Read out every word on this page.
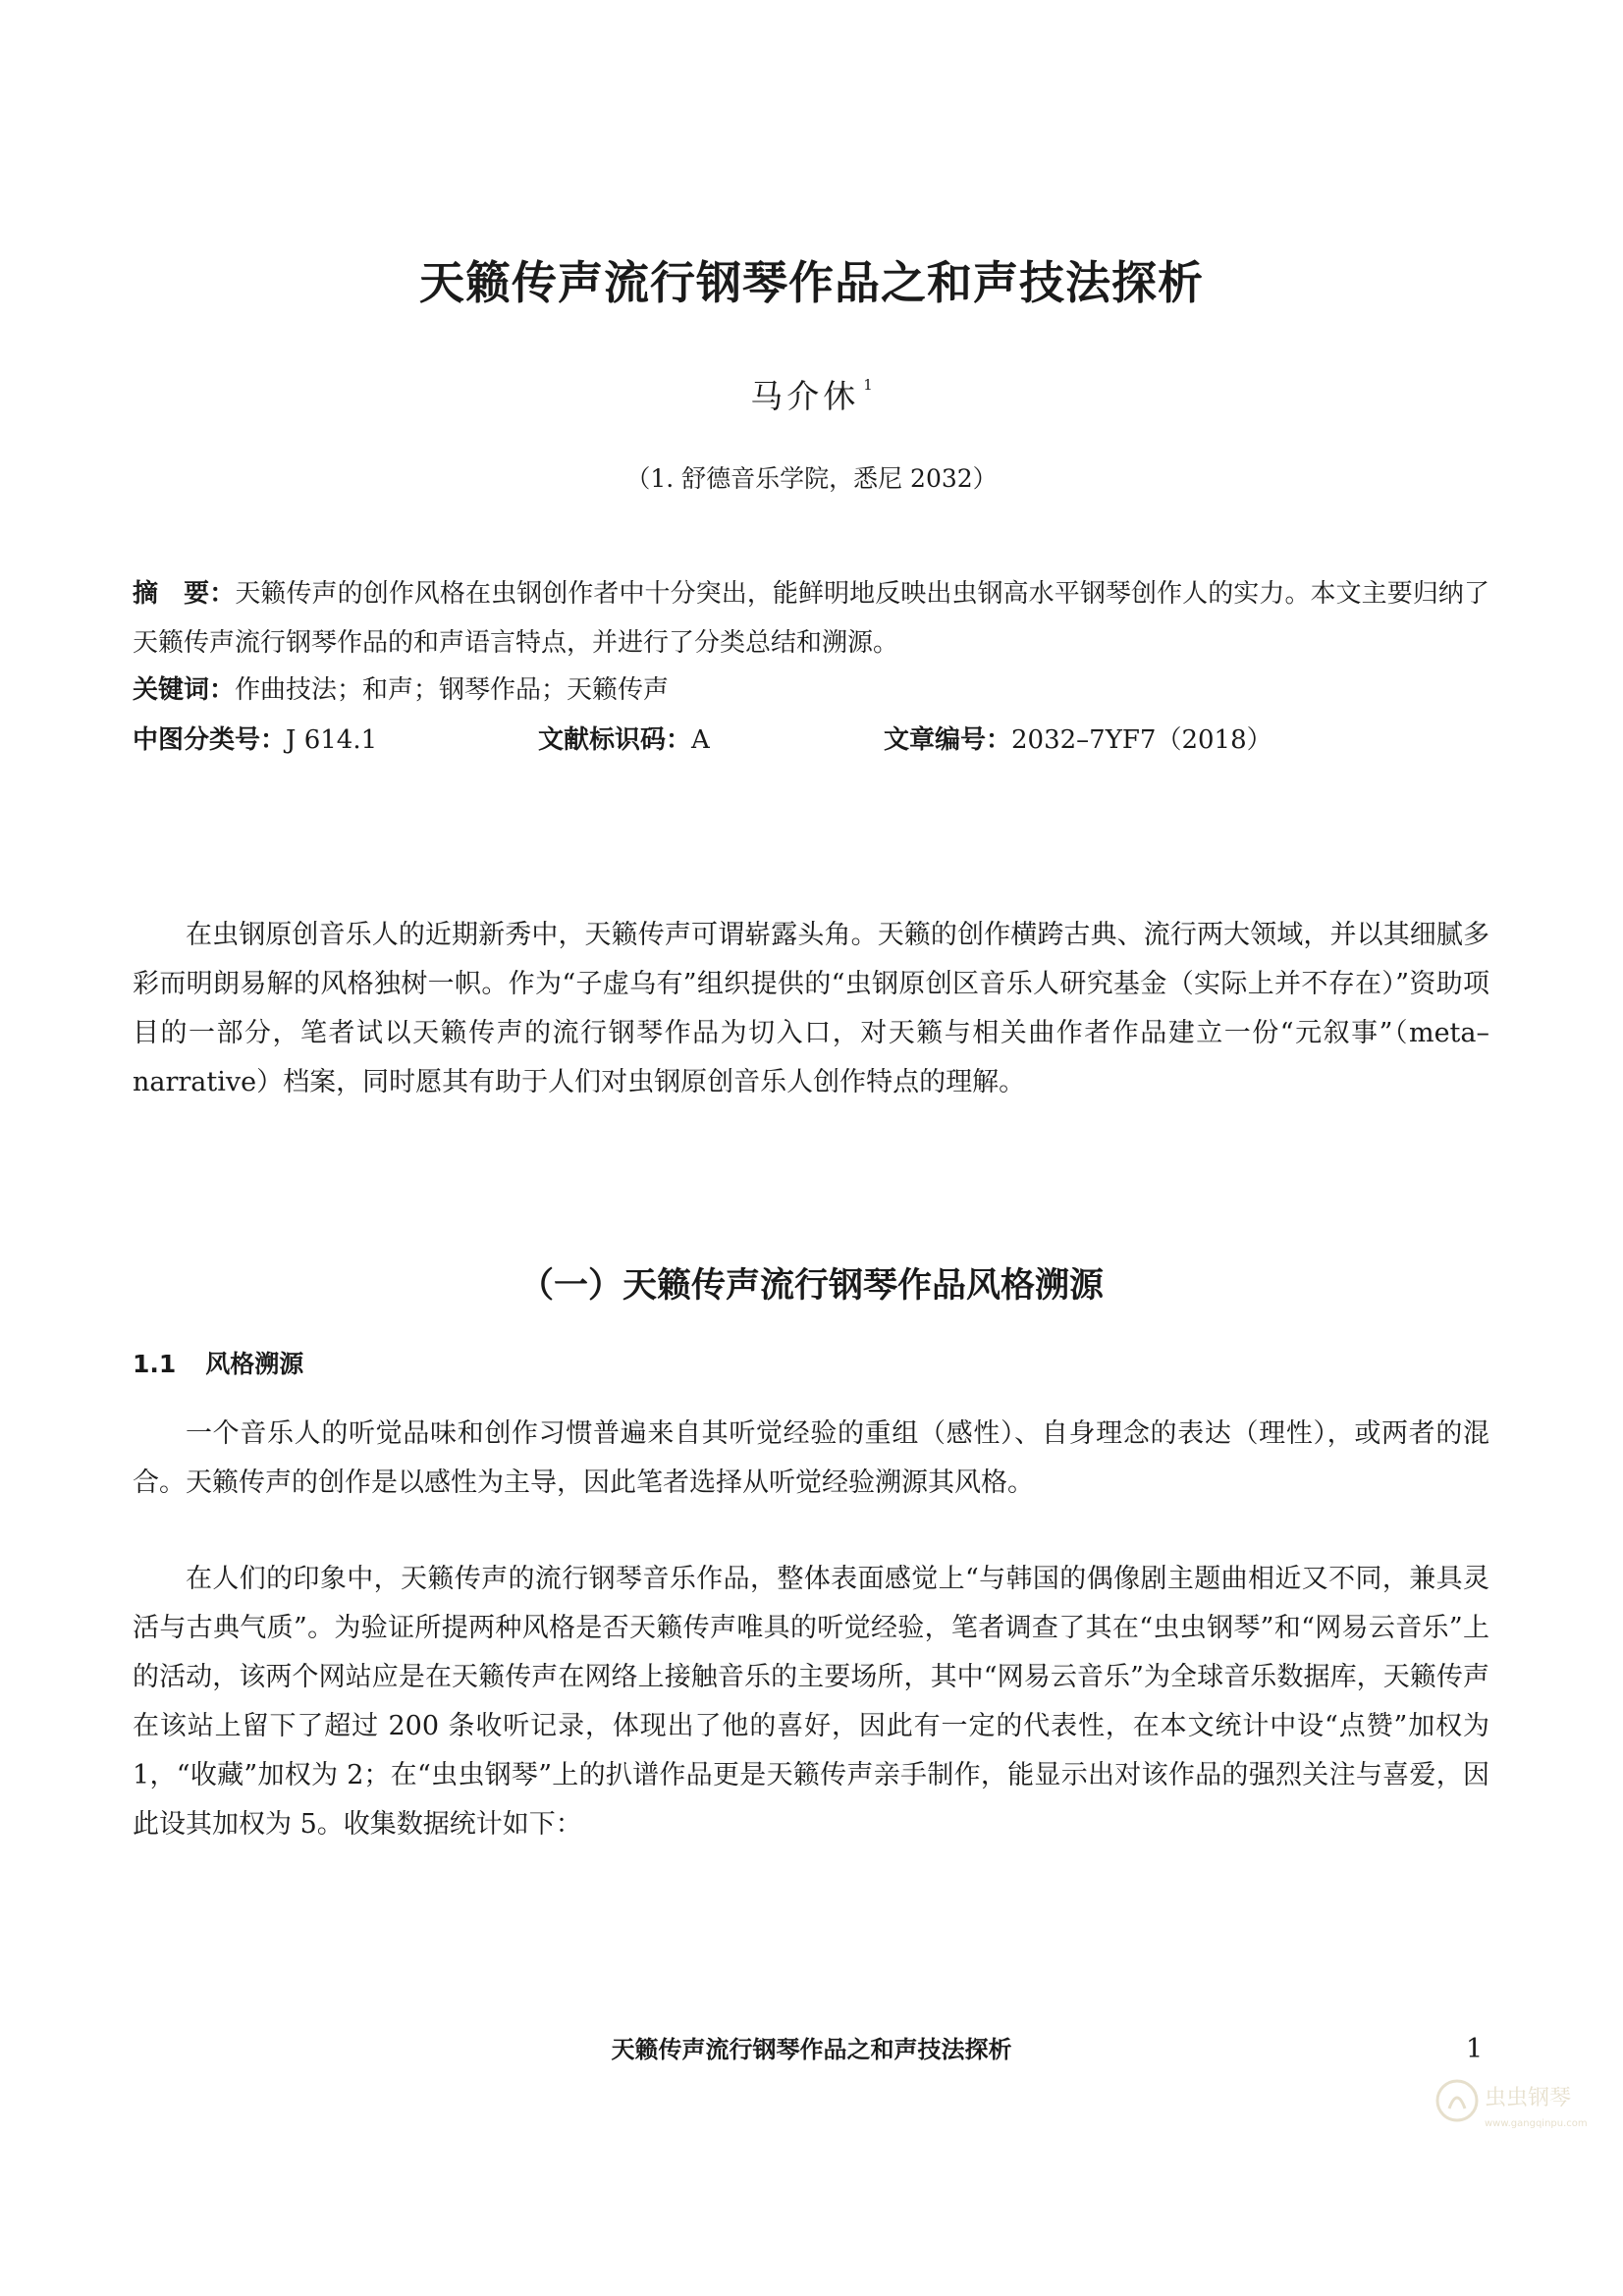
天籁传声流行钢琴作品之和声技法探析
马介休 $^1$
（1. 舒德音乐学院，悉尼 2032）
摘　要：天籁传声的创作风格在虫钢创作者中十分突出，能鲜明地反映出虫钢高水平钢琴创作人的实力。本文主要归纳了天籁传声流行钢琴作品的和声语言特点，并进行了分类总结和溯源。
关键词：作曲技法；和声；钢琴作品；天籁传声
中图分类号：J 614.1	文献标识码：A	文章编号：2032–7YF7（2018）
在虫钢原创音乐人的近期新秀中，天籁传声可谓崭露头角。天籁的创作横跨古典、流行两大领域，并以其细腻多彩而明朗易解的风格独树一帜。作为“子虚乌有”组织提供的“虫钢原创区音乐人研究基金（实际上并不存在）”资助项目的一部分，笔者试以天籁传声的流行钢琴作品为切入口，对天籁与相关曲作者作品建立一份“元叙事”（meta–narrative）档案，同时愿其有助于人们对虫钢原创音乐人创作特点的理解。
（一）天籁传声流行钢琴作品风格溯源
1.1 风格溯源
一个音乐人的听觉品味和创作习惯普遍来自其听觉经验的重组（感性）、自身理念的表达（理性），或两者的混合。天籁传声的创作是以感性为主导，因此笔者选择从听觉经验溯源其风格。
在人们的印象中，天籁传声的流行钢琴音乐作品，整体表面感觉上“与韩国的偶像剧主题曲相近又不同，兼具灵活与古典气质”。为验证所提两种风格是否天籁传声唯具的听觉经验，笔者调查了其在“虫虫钢琴”和“网易云音乐”上的活动，该两个网站应是在天籁传声在网络上接触音乐的主要场所，其中“网易云音乐”为全球音乐数据库，天籁传声在该站上留下了超过 200 条收听记录，体现出了他的喜好，因此有一定的代表性，在本文统计中设“点赞”加权为 1，“收藏”加权为 2；在“虫虫钢琴”上的扒谱作品更是天籁传声亲手制作，能显示出对该作品的强烈关注与喜爱，因此设其加权为 5。收集数据统计如下：
天籁传声流行钢琴作品之和声技法探析	1
虫虫钢琴
www.gangqinpu.com
